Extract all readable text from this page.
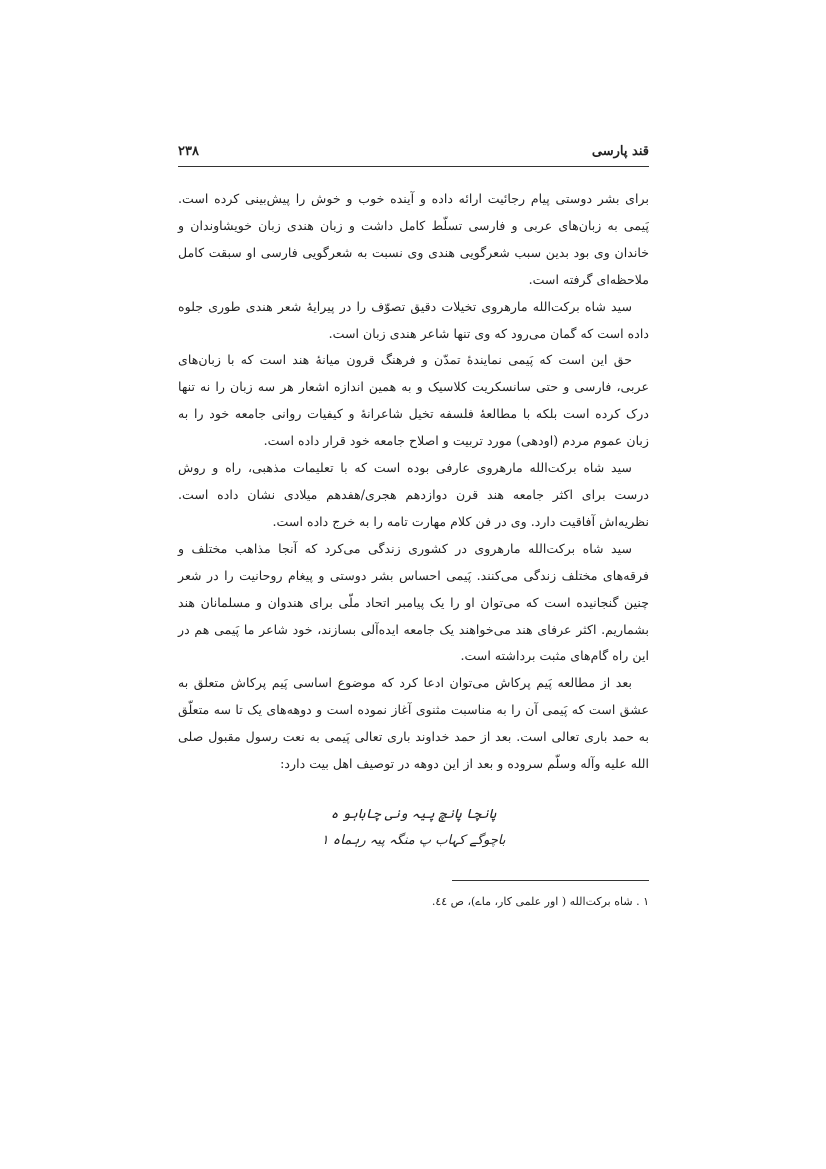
قند پارسی
۲۳۸

برای بشر دوستی پیام رجائیت ارائه داده و آینده خوب و خوش را پیش‌بینی کرده است. پَیمی به زبان‌های عربی و فارسی تسلّط کامل داشت و زبان هندی زبان خویشاوندان و خاندان وی بود بدین سبب شعرگویی هندی وی نسبت به شعرگویی فارسی او سبقت کامل ملاحظه‌ای گرفته است.

سید شاه برکت‌الله مارهروی تخیلات دقیق تصوّف را در پیرایهٔ شعر هندی طوری جلوه داده است که گمان می‌رود که وی تنها شاعر هندی زبان است.

حق این است که پَیمی نمایندهٔ تمدّن و فرهنگ قرون میانهٔ هند است که با زبان‌های عربی، فارسی و حتی سانسکریت کلاسیک و به همین اندازه اشعار هر سه زبان را نه تنها درک کرده است بلکه با مطالعهٔ فلسفه تخیل شاعرانهٔ و کیفیات روانی جامعه خود را به زبان عموم مردم (اودهی) مورد تربیت و اصلاح جامعه خود قرار داده است.

سید شاه برکت‌الله مارهروی عارفی بوده است که با تعلیمات مذهبی، راه و روش درست برای اکثر جامعه هند قرن دوازدهم هجری/هفدهم میلادی نشان داده است. نظریه‌اش آفاقیت دارد. وی در فن کلام مهارت تامه را به خرج داده است.

سید شاه برکت‌الله مارهروی در کشوری زندگی می‌کرد که آنجا مذاهب مختلف و فرقه‌های مختلف زندگی می‌کنند. پَیمی احساس بشر دوستی و پیغام روحانیت را در شعر چنین گنجانیده است که می‌توان او را یک پیامبر اتحاد ملّی برای هندوان و مسلمانان هند بشماریم. اکثر عرفای هند می‌خواهند یک جامعه ایده‌آلی بسازند، خود شاعر ما پَیمی هم در این راه گام‌های مثبت برداشته است.

بعد از مطالعه پَیم پرکاش می‌توان ادعا کرد که موضوع اساسی پَیم پرکاش متعلق به عشق است که پَیمی آن را به مناسبت مثنوی آغاز نموده است و دوهه‌های یک تا سه متعلّق به حمد باری تعالی است. بعد از حمد خداوند باری تعالی پَیمی به نعت رسول مقبول صلی الله علیه وآله وسلّم سروده و بعد از این دوهه در توصیف اهل بیت دارد:

پانچا پانچ پیہ ونی چاباہو ہ
باچوگے کہاب پ منگہ پیہ رہماہ ۱
۱ . شاه برکت‌الله ( اور علمی کار، ماے)، ص ٤٤.
